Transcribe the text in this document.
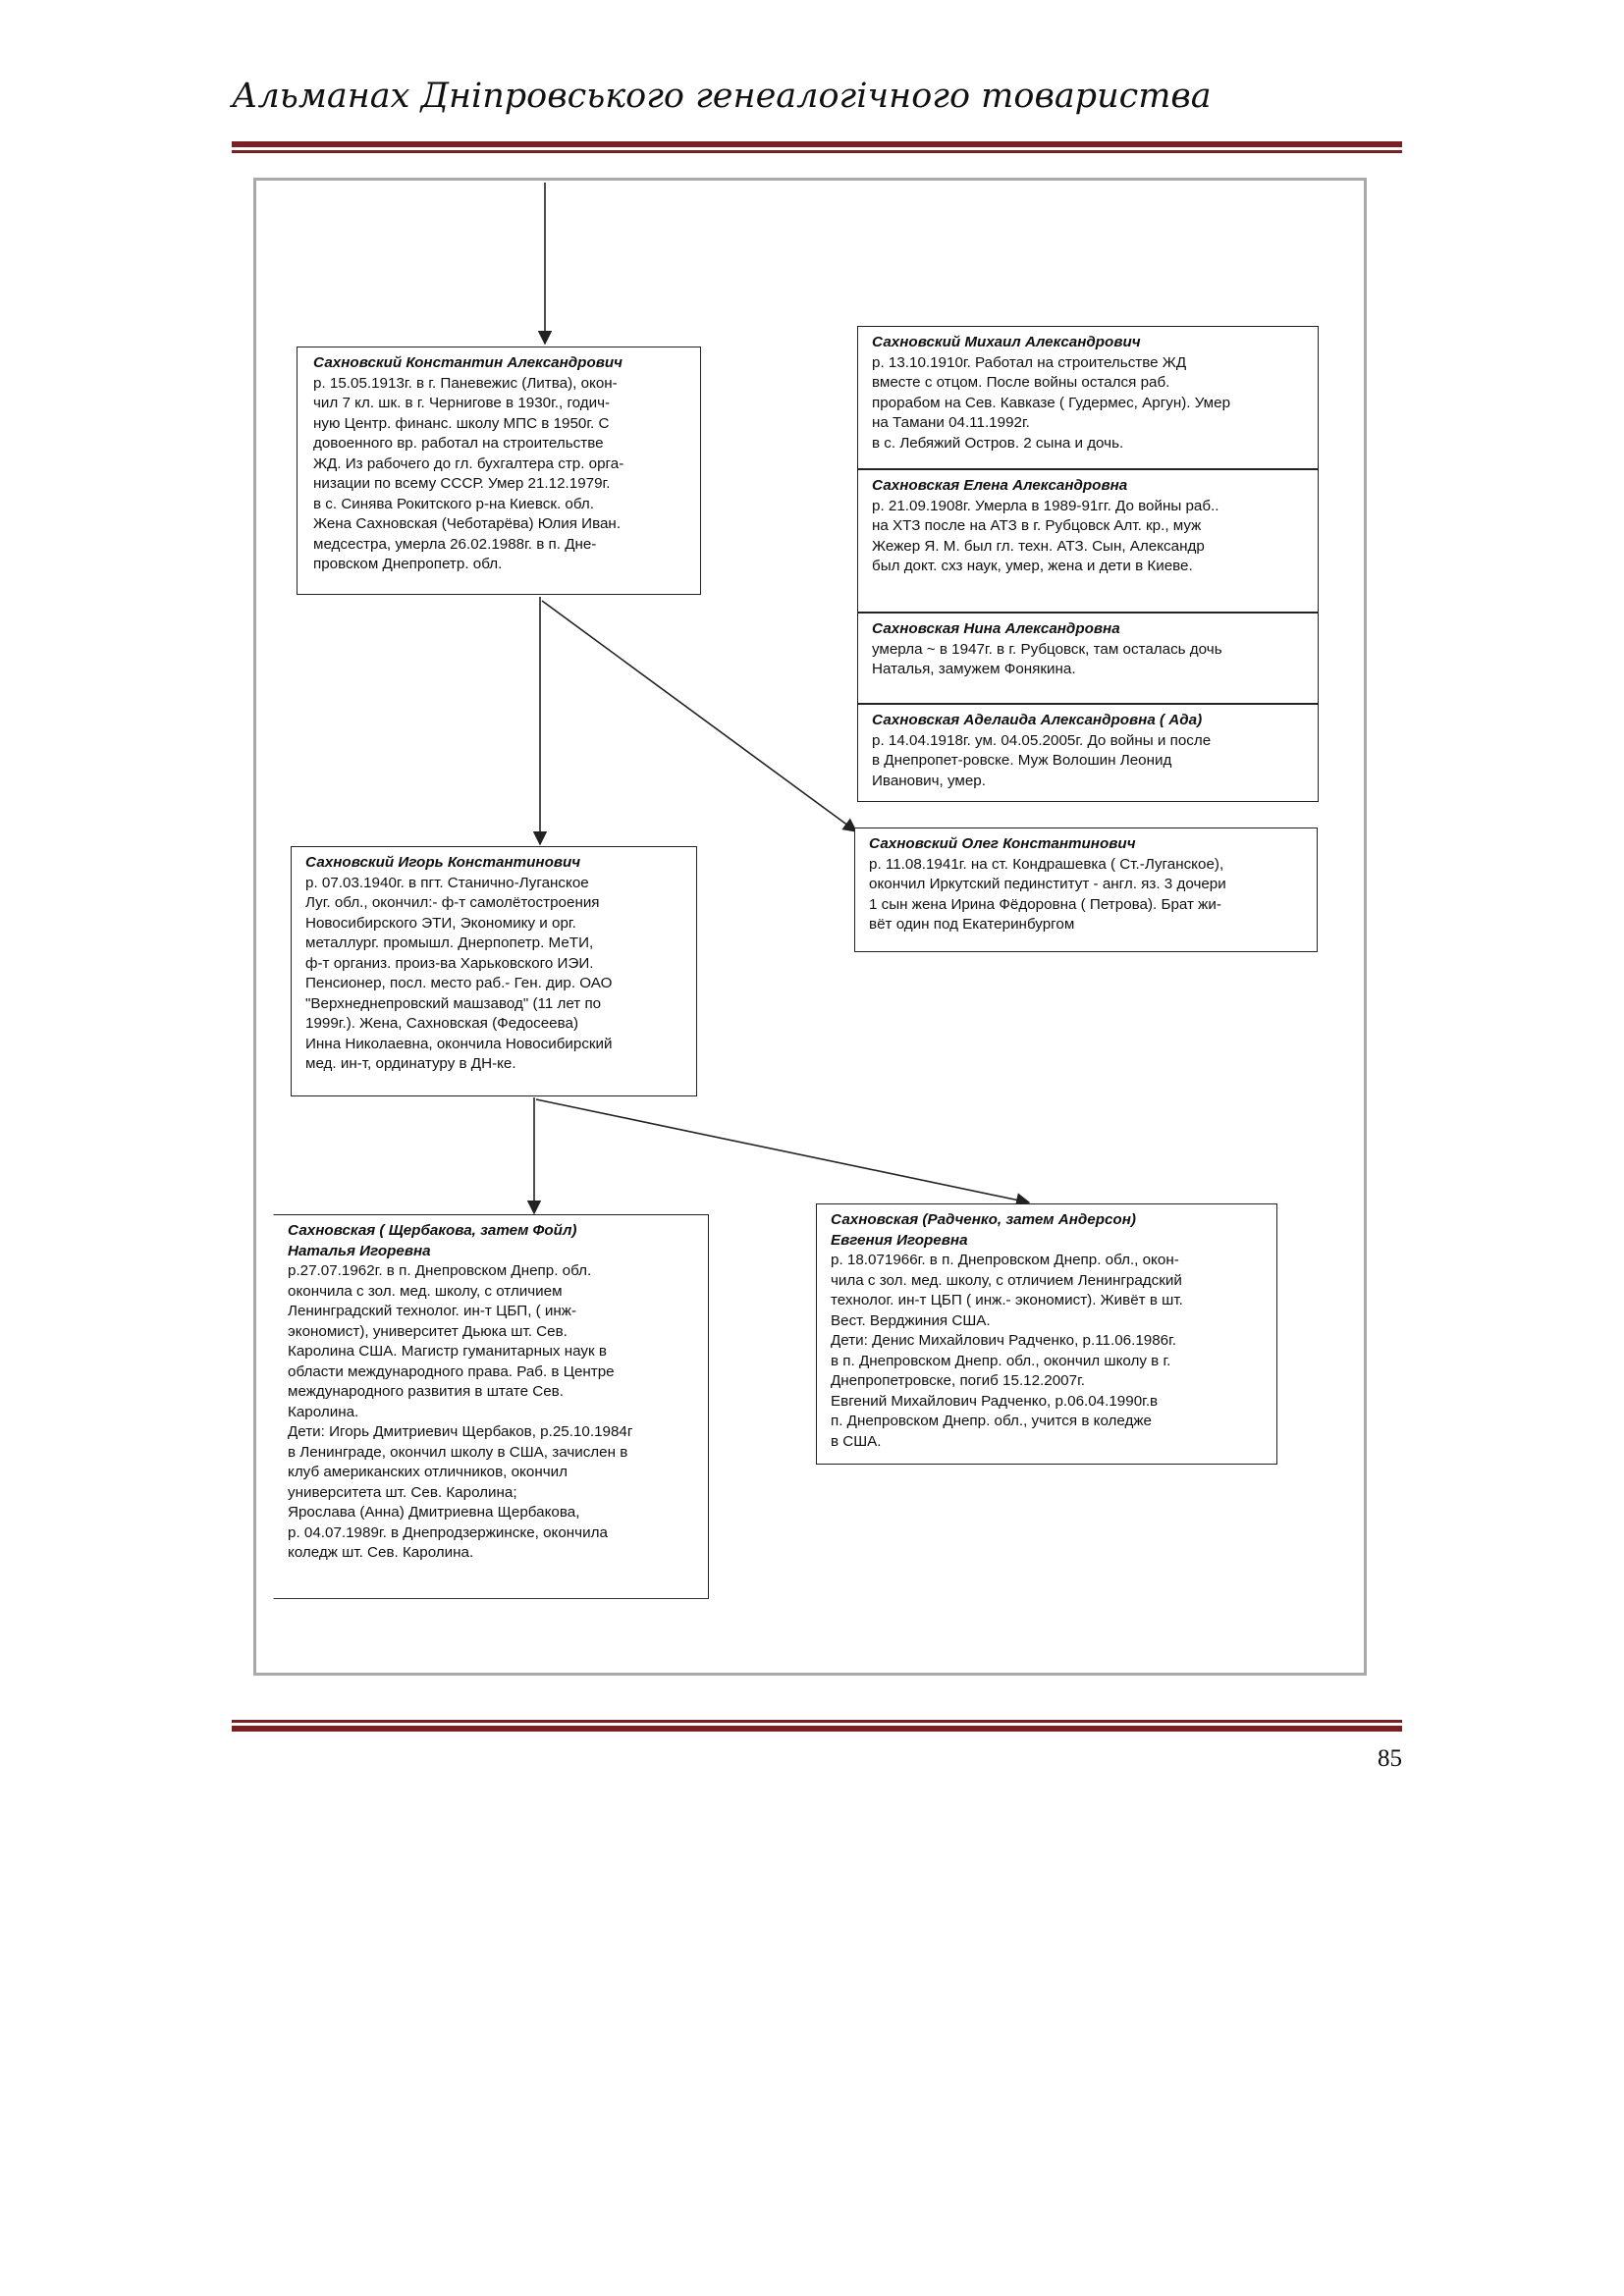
Альманах Дніпровського генеалогічного товариства
Сахновский Константин Александрович
р. 15.05.1913г. в г. Паневежис (Литва), окон-
чил 7 кл. шк. в г. Чернигове в 1930г., годич-
ную Центр. финанс. школу МПС в 1950г. С
довоенного вр. работал на строительстве
ЖД. Из рабочего до гл. бухгалтера стр. орга-
низации по всему СССР. Умер 21.12.1979г.
в с. Синява Рокитского р-на Киевск. обл.
Жена Сахновская (Чеботарёва) Юлия Иван.
медсестра, умерла 26.02.1988г. в п. Дне-
провском Днепропетр. обл.
Сахновский Михаил Александрович
р. 13.10.1910г. Работал на строительстве ЖД
вместе с отцом. После войны остался раб.
прорабом на Сев. Кавказе ( Гудермес, Аргун). Умер
на Тамани 04.11.1992г.
в с. Лебяжий Остров. 2 сына и дочь.
Сахновская Елена Александровна
р. 21.09.1908г. Умерла в 1989-91гг. До войны раб..
на ХТЗ после на АТЗ в г. Рубцовск Алт. кр., муж
Жежер Я. М. был гл. техн. АТЗ. Сын, Александр
был докт. схз наук, умер, жена и дети в Киеве.
Сахновская Нина Александровна
умерла ~ в 1947г. в г. Рубцовск, там осталась дочь
Наталья, замужем Фонякина.
Сахновская Аделаида Александровна ( Ада)
р. 14.04.1918г. ум. 04.05.2005г. До войны и после
в Днепропет-ровске. Муж Волошин Леонид
Иванович, умер.
Сахновский Игорь Константинович
р. 07.03.1940г. в пгт. Станично-Луганское
Луг. обл., окончил:- ф-т самолётостроения
Новосибирского ЭТИ, Экономику и орг.
металлург. промышл. Днерпопетр. МеТИ,
ф-т организ. произ-ва Харьковского ИЭИ.
Пенсионер, посл. место раб.- Ген. дир. ОАО
"Верхнеднепровский машзавод" (11 лет по
1999г.). Жена, Сахновская (Федосеева)
Инна Николаевна, окончила Новосибирский
мед. ин-т, ординатуру в ДН-ке.
Сахновский Олег Константинович
р. 11.08.1941г. на ст. Кондрашевка ( Ст.-Луганское),
окончил Иркутский пединститут - англ. яз. 3 дочери
1 сын жена Ирина Фёдоровна ( Петрова). Брат жи-
вёт один под Екатеринбургом
Сахновская ( Щербакова, затем Фойл)
Наталья Игоревна
р.27.07.1962г. в п. Днепровском Днепр. обл.
окончила с зол. мед. школу, с отличием
Ленинградский технолог. ин-т ЦБП, ( инж-
экономист), университет Дьюка шт. Сев.
Каролина США. Магистр гуманитарных наук в
области международного права. Раб. в Центре
международного развития в штате Сев.
Каролина.
Дети: Игорь Дмитриевич Щербаков, р.25.10.1984г
в Ленинграде, окончил школу в США, зачислен в
клуб американских отличников, окончил
университета шт. Сев. Каролина;
Ярослава (Анна) Дмитриевна Щербакова,
р. 04.07.1989г. в Днепродзержинске, окончила
коледж шт. Сев. Каролина.
Сахновская (Радченко, затем Андерсон)
Евгения Игоревна
р. 18.071966г. в п. Днепровском Днепр. обл., окон-
чила с зол. мед. школу, с отличием Ленинградский
технолог. ин-т ЦБП ( инж.- экономист). Живёт в шт.
Вест. Верджиния США.
Дети: Денис Михайлович Радченко, р.11.06.1986г.
в п. Днепровском Днепр. обл., окончил школу в г.
Днепропетровске, погиб 15.12.2007г.
Евгений Михайлович Радченко, р.06.04.1990г.в
п. Днепровском Днепр. обл., учится в коледже
в США.
85
